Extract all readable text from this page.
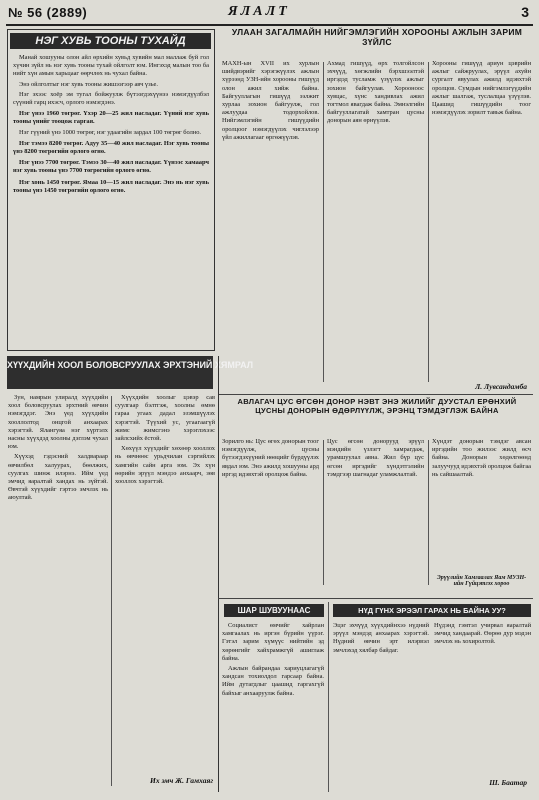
№ 56 (2889)	ЯЛАЛТ	3
НЭГ ХУВЬ ТООНЫ ТУХАЙД

Манай хошууны олон айл өрхийн хувьд хувийн мал маллаж буй гол хүчин зүйл нь нэг хувь тооны тухай ойлголт юм. Ингэхэд малын тоо ба нийт хүн амын харьцааг өөрчлөх нь чухал байна.

Энэ ойлголтыг нэг хувь тооны жишээгээр авч үзье.

Нэг эхээс хоёр эм тугал бойжуулж бүтээгдэхүүнээ нэмэгдүүлбэл сүүний гарц ихэсч, орлого нэмэгдэнэ.

Нэг үнээ 1960 төгрөг. Үхэр 20—25 жил насладаг. Үүний нэг хувь тооны үнийг тооцож гаргая.

Нэг гүүний үнэ 1000 төгрөг, нэг удаагийн зардал 100 төгрөг болно.

Нэг тэмээ 8200 төгрөг. Адуу 35—40 жил насладаг. Нэг хувь тооны үнэ 8200 төгрөгийн орлого өгнө.

Нэг үнээ 7700 төгрөг. Тэмээ 30—40 жил насладаг. Үүнээс хамаарч нэг хувь тооны үнэ 7700 төгрөгийн орлого өгнө.

Нэг хонь 1450 төгрөг. Ямаа 10—15 жил насладаг. Энэ нь нэг хувь тооны үнэ 1450 төгрөгийн орлого өгнө.

УЛААН ЗАГАЛМАЙН НИЙГЭМЛЭГИЙН ХОРООНЫ АЖЛЫН ЗАРИМ ЗҮЙЛС
МАХН-ын XVII их хурлын шийдвэрийг хэрэгжүүлэх ажлын хүрээнд УЗН-ийн хорооны гишүүд олон ажил хийж байна. Байгууллагын гишүүд ээлжит хурлаа зохион байгуулж, гол ажлуудаа тодорхойлов. Нийгэмлэгийн гишүүдийн оролцоог нэмэгдүүлэх чиглэлээр үйл ажиллагааг өргөжүүлэв.
Ахмад гишүүд, өрх толгойлсон эхчүүд, хөгжлийн бэрхшээлтэй иргэдэд тусламж үзүүлэх ажлыг зохион байгуулав. Хорооноос хувцас, хүнс хандивлах ажил тогтмол явагдаж байна. Эмнэлгийн байгууллагатай хамтран цусны донорын аян өрнүүлэв.
Хорооны гишүүд ариун цэврийн ажлыг сайжруулах, эрүүл ахуйн сургалт явуулах ажилд идэвхтэй оролцов. Сумдын нийгэмлэгүүдийн ажлыг шалгаж, туслалцаа үзүүлэв. Цаашид гишүүдийн тоог нэмэгдүүлэх зорилт тавьж байна.
Л. Лувсандамба
ХҮҮХДИЙН ХООЛ БОЛОВСРУУЛАХ ЭРХТЭНИЙ ХЯМРАЛ

Зун, намрын улиралд хүүхдийн хоол боловсруулах эрхтний өвчин нэмэгддэг. Энэ үед хүүхдийн хооллолтод онцгой анхаарах хэрэгтэй. Ялангуяа нэг хүртэлх насны хүүхдэд хоолны дэглэм чухал юм.

Хүүхэд гэдэсний халдвараар өвчилбөл халуурах, бөөлжих, суулгах шинж илэрнэ. Ийм үед эмчид яаралтай хандах нь зүйтэй. Өвчтэй хүүхдийг гэртээ эмчлэх нь аюултай.

Хүүхдийн хоолыг цэвэр сав суулгаар бэлтгэж, хоолны өмнө гараа угаах дадал эзэмшүүлэх хэрэгтэй. Түүхий ус, угаагаагүй жимс жимсгэнэ хэрэглэхээс зайлсхийх ёстой.

Хөхүүл хүүхдийг хөхөөр хооллох нь өвчнөөс урьдчилан сэргийлэх хамгийн сайн арга юм. Эх хүн өөрийн эрүүл мэндээ анхаарч, зөв хооллох хэрэгтэй.

Их эмч Ж. Гамхаяг
АВЛАГАЧ ЦУС ӨГСӨН ДОНОР НЭВТ ЭНЭ ЖИЛИЙГ ДУУСТАЛ ЕРӨНХИЙ ЦУСНЫ ДОНОРЫН ӨДӨРЛҮҮЛЖ, ЭРЭНЦ ТЭМДЭГЛЭЖ БАЙНА
Зорилго нь: Цус өгөх донорын тоог нэмэгдүүлж, цусны бүтээгдэхүүний нөөцийг бүрдүүлэх явдал юм. Энэ ажилд хошууны ард иргэд идэвхтэй оролцож байна.
Цус өгсөн донорууд эрүүл мэндийн үзлэгт хамрагдаж, урамшуулал авна. Жил бүр цус өгсөн иргэдийг хүндэтгэлийн тэмдгээр шагнадаг уламжлалтай.
Хүндэт донорын тэмдэг авсан иргэдийн тоо жилээс жилд өсч байна. Донорын хөдөлгөөнд залуучууд идэвхтэй оролцож байгаа нь сайшаалтай.
Эрүүлийн Хамгаалах Яам МУЗН-ийн Гүйцэтгэх хороо
ШАР ШУВУУНААС

Социалист өмчийг хайрлан хамгаалах нь иргэн бүрийн үүрэг. Гэтэл зарим хүмүүс нийтийн эд хөрөнгийг хайхрамжгүй ашиглаж байна.

Ажлын байрандаа хариуцлагагүй хандсан тохиолдол гарсаар байна. Ийм дутагдлыг цаашид гаргахгүй байхыг анхааруулж байна.

НҮД ГҮНХ ЭРЭЭЛ ГАРАХ НЬ БАЙНА УУ?
Эцэг эхчүүд хүүхдийнхээ нүдний эрүүл мэндэд анхаарах хэрэгтэй. Нүдний өвчин эрт илэрвэл эмчлэхэд хялбар байдаг.
Нүдэнд гэмтэл учирвал яаралтай эмчид хандаарай. Өөрөө дур мэдэн эмчлэх нь хохиролтой.
Ш. Баатар
